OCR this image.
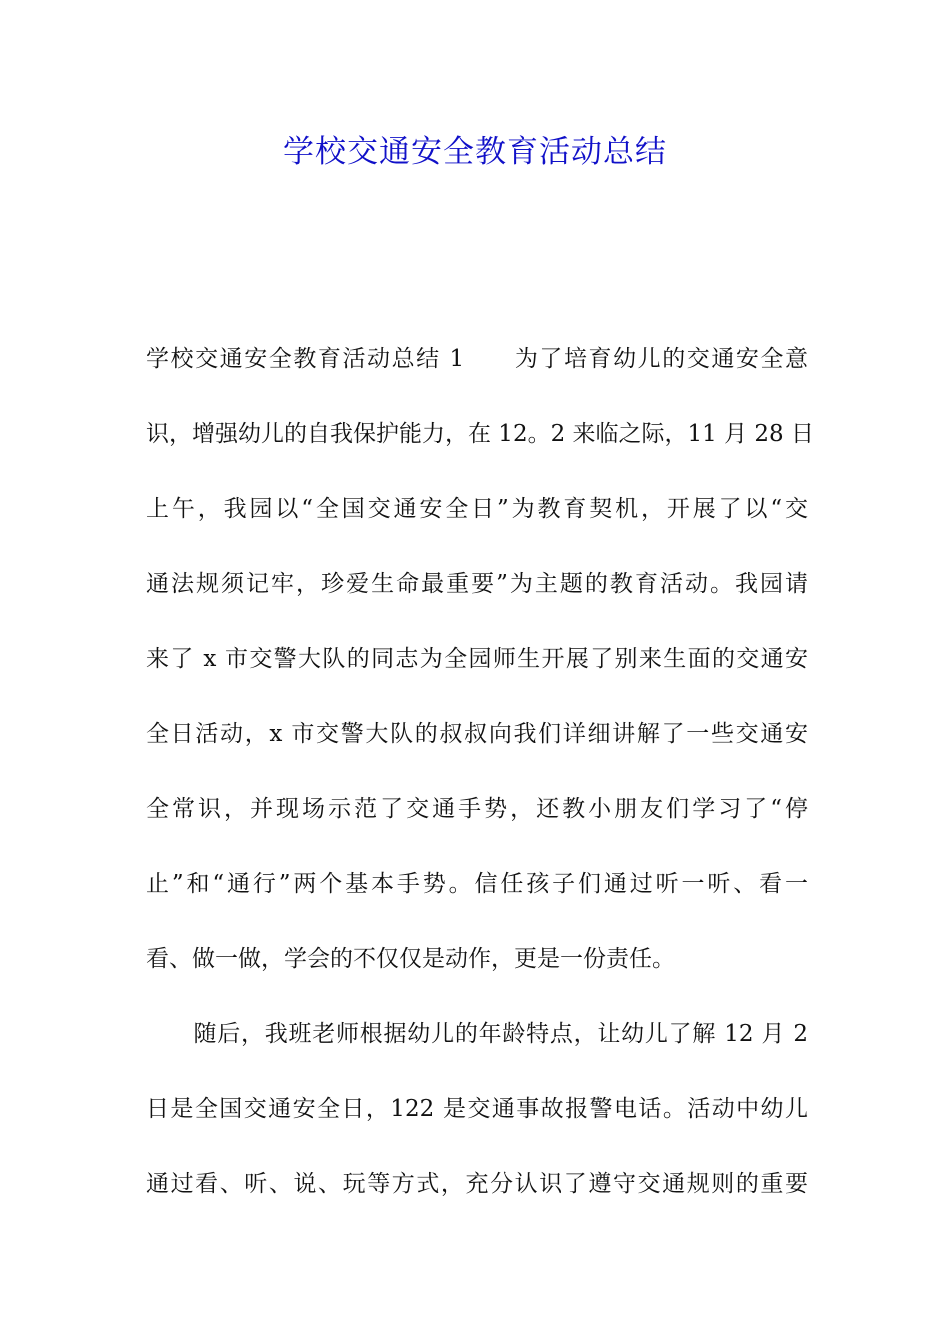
学校交通安全教育活动总结
学校交通安全教育活动总结 1　　为了培育幼儿的交通安全意
识，增强幼儿的自我保护能力，在 12。2 来临之际，11 月 28 日
上午，我园以“全国交通安全日”为教育契机，开展了以“交
通法规须记牢，珍爱生命最重要”为主题的教育活动。我园请
来了 x 市交警大队的同志为全园师生开展了别来生面的交通安
全日活动，x 市交警大队的叔叔向我们详细讲解了一些交通安
全常识，并现场示范了交通手势，还教小朋友们学习了“停
止”和“通行”两个基本手势。信任孩子们通过听一听、看一
看、做一做，学会的不仅仅是动作，更是一份责任。
　　随后，我班老师根据幼儿的年龄特点，让幼儿了解 12 月 2
日是全国交通安全日，122 是交通事故报警电话。活动中幼儿
通过看、听、说、玩等方式，充分认识了遵守交通规则的重要
